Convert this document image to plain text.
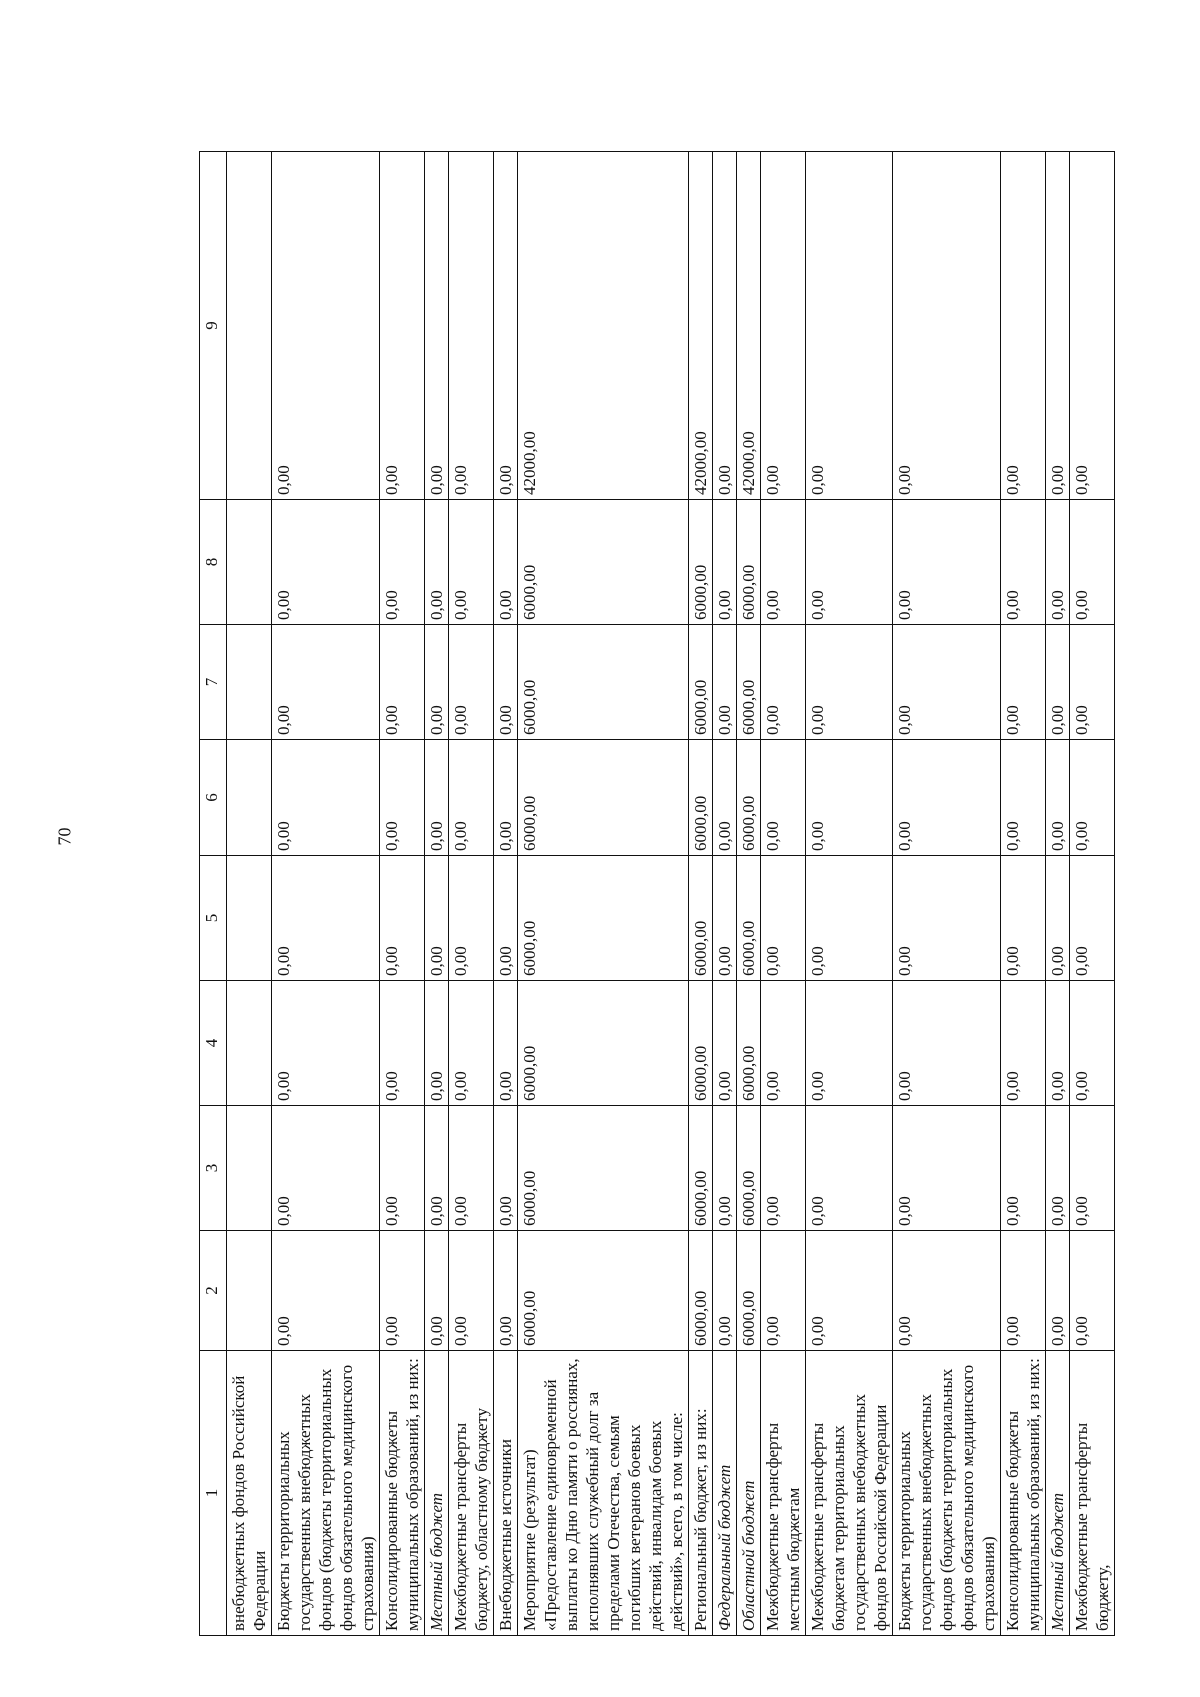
70
1	2	3	4	5	6	7	8	9
внебюджетных фондов Российской Федерации								
Бюджеты территориальных государственных внебюджетных фондов (бюджеты территориальных фондов обязательного медицинского страхования)	0,00	0,00	0,00	0,00	0,00	0,00	0,00	0,00
Консолидированные бюджеты муниципальных образований, из них:	0,00	0,00	0,00	0,00	0,00	0,00	0,00	0,00
Местный бюджет	0,00	0,00	0,00	0,00	0,00	0,00	0,00	0,00
Межбюджетные трансферты бюджету, областному бюджету	0,00	0,00	0,00	0,00	0,00	0,00	0,00	0,00
Внебюджетные источники	0,00	0,00	0,00	0,00	0,00	0,00	0,00	0,00
Мероприятие (результат) «Предоставление единовременной выплаты ко Дню памяти о россиянах, исполнявших служебный долг за пределами Отечества, семьям погибших ветеранов боевых действий, инвалидам боевых действий», всего, в том числе:	6000,00	6000,00	6000,00	6000,00	6000,00	6000,00	6000,00	42000,00
Региональный бюджет, из них:	6000,00	6000,00	6000,00	6000,00	6000,00	6000,00	6000,00	42000,00
Федеральный бюджет	0,00	0,00	0,00	0,00	0,00	0,00	0,00	0,00
Областной бюджет	6000,00	6000,00	6000,00	6000,00	6000,00	6000,00	6000,00	42000,00
Межбюджетные трансферты местным бюджетам	0,00	0,00	0,00	0,00	0,00	0,00	0,00	0,00
Межбюджетные трансферты бюджетам территориальных государственных внебюджетных фондов Российской Федерации	0,00	0,00	0,00	0,00	0,00	0,00	0,00	0,00
Бюджеты территориальных государственных внебюджетных фондов (бюджеты территориальных фондов обязательного медицинского страхования)	0,00	0,00	0,00	0,00	0,00	0,00	0,00	0,00
Консолидированные бюджеты муниципальных образований, из них:	0,00	0,00	0,00	0,00	0,00	0,00	0,00	0,00
Местный бюджет	0,00	0,00	0,00	0,00	0,00	0,00	0,00	0,00
Межбюджетные трансферты бюджету,	0,00	0,00	0,00	0,00	0,00	0,00	0,00	0,00
